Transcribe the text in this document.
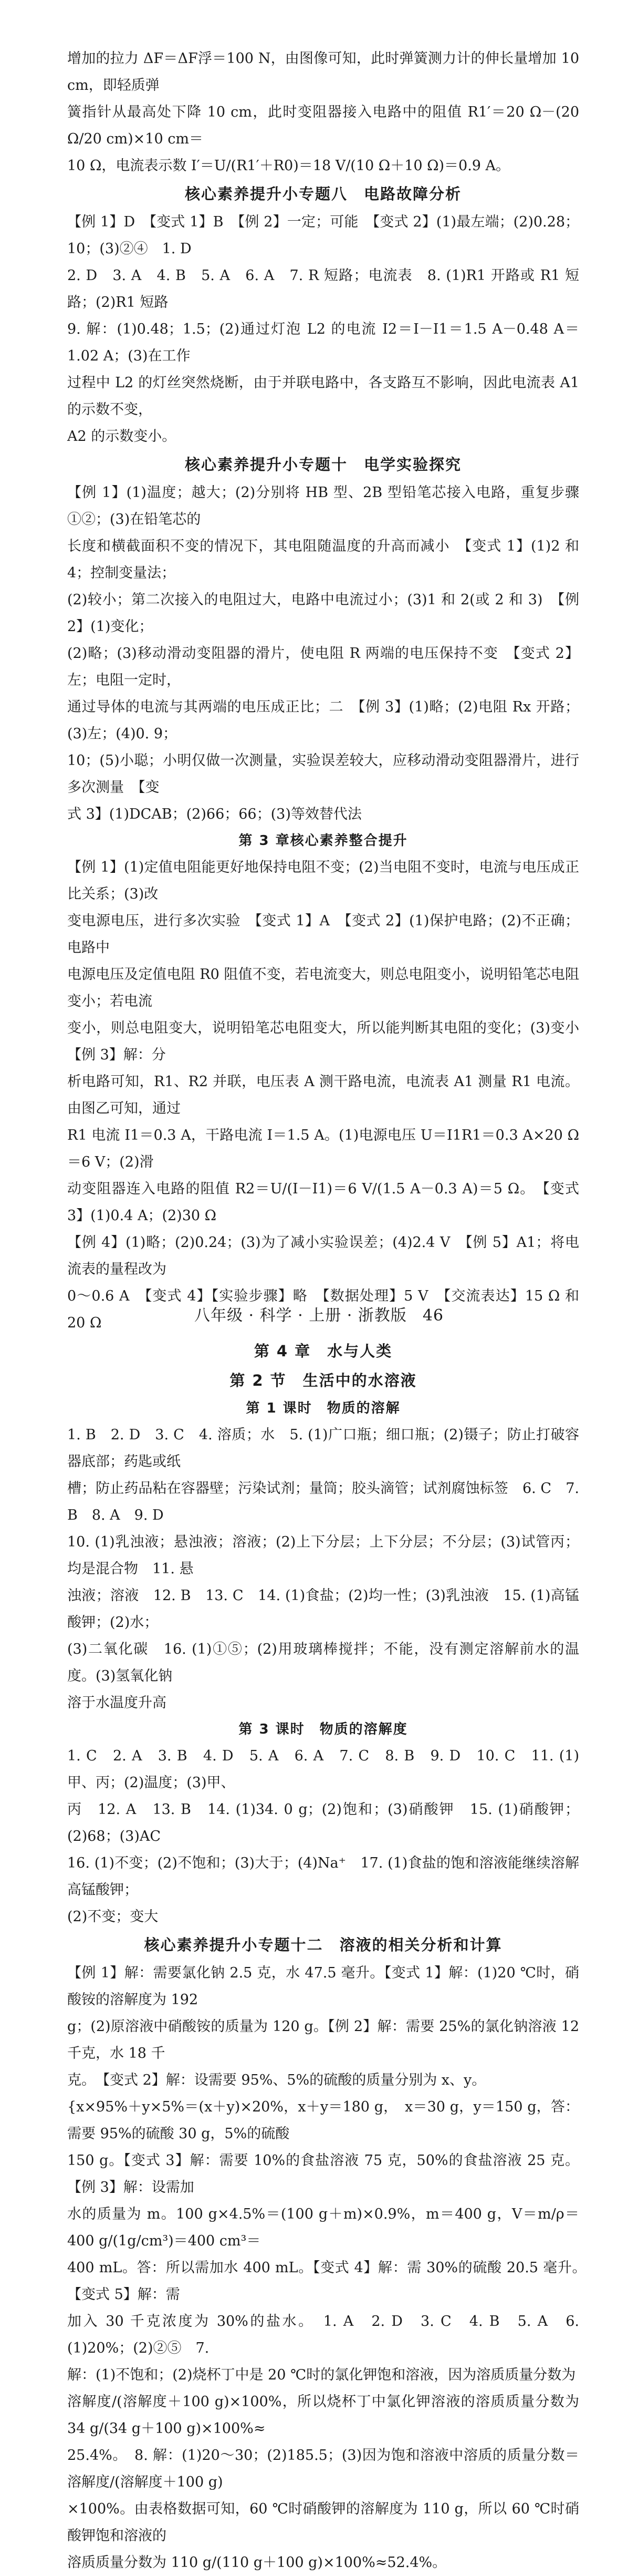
增加的拉力 ΔF＝ΔF浮＝100 N，由图像可知，此时弹簧测力计的伸长量增加 10 cm，即轻质弹

簧指针从最高处下降 10 cm，此时变阻器接入电路中的阻值 R1′＝20 Ω－(20 Ω/20 cm)×10 cm＝

10 Ω，电流表示数 I′＝U/(R1′＋R0)＝18 V/(10 Ω＋10 Ω)＝0.9 A。

核心素养提升小专题八　电路故障分析

【例 1】D　【变式 1】B　【例 2】一定；可能　【变式 2】(1)最左端；(2)0.28；10；(3)②④　1. D

2. D　3. A　4. B　5. A　6. A　7. R 短路；电流表　8. (1)R1 开路或 R1 短路；(2)R1 短路

9. 解：(1)0.48；1.5；(2)通过灯泡 L2 的电流 I2＝I－I1＝1.5 A－0.48 A＝1.02 A；(3)在工作

过程中 L2 的灯丝突然烧断，由于并联电路中，各支路互不影响，因此电流表 A1 的示数不变，

A2 的示数变小。

核心素养提升小专题十　电学实验探究

【例 1】(1)温度；越大；(2)分别将 HB 型、2B 型铅笔芯接入电路，重复步骤①②；(3)在铅笔芯的

长度和横截面积不变的情况下，其电阻随温度的升高而减小　【变式 1】(1)2 和 4；控制变量法；

(2)较小；第二次接入的电阻过大，电路中电流过小；(3)1 和 2(或 2 和 3)　【例 2】(1)变化；

(2)略；(3)移动滑动变阻器的滑片，使电阻 R 两端的电压保持不变　【变式 2】左；电阻一定时，

通过导体的电流与其两端的电压成正比；二　【例 3】(1)略；(2)电阻 Rx 开路；(3)左；(4)0. 9；

10；(5)小聪；小明仅做一次测量，实验误差较大，应移动滑动变阻器滑片，进行多次测量　【变

式 3】(1)DCAB；(2)66；66；(3)等效替代法

第 3 章核心素养整合提升

【例 1】(1)定值电阻能更好地保持电阻不变；(2)当电阻不变时，电流与电压成正比关系；(3)改

变电源电压，进行多次实验　【变式 1】A　【变式 2】(1)保护电路；(2)不正确；电路中

电源电压及定值电阻 R0 阻值不变，若电流变大，则总电阻变小，说明铅笔芯电阻变小；若电流

变小，则总电阻变大，说明铅笔芯电阻变大，所以能判断其电阻的变化；(3)变小　【例 3】解：分

析电路可知，R1、R2 并联，电压表 A 测干路电流，电流表 A1 测量 R1 电流。由图乙可知，通过

R1 电流 I1＝0.3 A，干路电流 I＝1.5 A。(1)电源电压 U＝I1R1＝0.3 A×20 Ω＝6 V；(2)滑

动变阻器连入电路的阻值 R2＝U/(I－I1)＝6 V/(1.5 A－0.3 A)＝5 Ω。　【变式 3】(1)0.4 A；(2)30 Ω

【例 4】(1)略；(2)0.24；(3)为了减小实验误差；(4)2.4 V　【例 5】A1；将电流表的量程改为

0～0.6 A　【变式 4】【实验步骤】略　【数据处理】5 V　【交流表达】15 Ω 和 20 Ω

第 4 章　水与人类

第 2 节　生活中的水溶液

第 1 课时　物质的溶解

1. B　2. D　3. C　4. 溶质；水　5. (1)广口瓶；细口瓶；(2)镊子；防止打破容器底部；药匙或纸

槽；防止药品粘在容器壁；污染试剂；量筒；胶头滴管；试剂腐蚀标签　6. C　7. B　8. A　9. D

10. (1)乳浊液；悬浊液；溶液；(2)上下分层；上下分层；不分层；(3)试管丙；均是混合物　11. 悬

浊液；溶液　12. B　13. C　14. (1)食盐；(2)均一性；(3)乳浊液　15. (1)高锰酸钾；(2)水；

(3)二氧化碳　16. (1)①⑤；(2)用玻璃棒搅拌；不能，没有测定溶解前水的温度。(3)氢氧化钠

溶于水温度升高

第 3 课时　物质的溶解度

1. C　2. A　3. B　4. D　5. A　6. A　7. C　8. B　9. D　10. C　11. (1)甲、丙；(2)温度；(3)甲、

丙　12. A　13. B　14. (1)34. 0 g；(2)饱和；(3)硝酸钾　15. (1)硝酸钾；(2)68；(3)AC

16. (1)不变；(2)不饱和；(3)大于；(4)Na⁺　17. (1)食盐的饱和溶液能继续溶解高锰酸钾；

(2)不变；变大

核心素养提升小专题十二　溶液的相关分析和计算

【例 1】解：需要氯化钠 2.5 克，水 47.5 毫升。【变式 1】解：(1)20 ℃时，硝酸铵的溶解度为 192

g；(2)原溶液中硝酸铵的质量为 120 g。【例 2】解：需要 25%的氯化钠溶液 12 千克，水 18 千

克。　【变式 2】解：设需要 95%、5%的硫酸的质量分别为 x、y。

{x×95%＋y×5%＝(x＋y)×20%，x＋y＝180 g，　x＝30 g，y＝150 g，答：需要 95%的硫酸 30 g，5%的硫酸

150 g。【变式 3】解：需要 10%的食盐溶液 75 克，50%的食盐溶液 25 克。【例 3】解：设需加

水的质量为 m。100 g×4.5%＝(100 g＋m)×0.9%，m＝400 g，V＝m/ρ＝400 g/(1g/cm³)＝400 cm³＝

400 mL。答：所以需加水 400 mL。【变式 4】解：需 30%的硫酸 20.5 毫升。　【变式 5】解：需

加入 30 千克浓度为 30%的盐水。　1. A　2. D　3. C　4. B　5. A　6. (1)20%；(2)②⑤　7.

解：(1)不饱和；(2)烧杯丁中是 20 ℃时的氯化钾饱和溶液，因为溶质质量分数为

溶解度/(溶解度＋100 g)×100%，所以烧杯丁中氯化钾溶液的溶质质量分数为 34 g/(34 g＋100 g)×100%≈

25.4%。　8. 解：(1)20～30；(2)185.5；(3)因为饱和溶液中溶质的质量分数＝溶解度/(溶解度＋100 g)

×100%。由表格数据可知，60 ℃时硝酸钾的溶解度为 110 g，所以 60 ℃时硝酸钾饱和溶液的

溶质质量分数为 110 g/(110 g＋100 g)×100%≈52.4%。

八年级 · 科学 · 上册 · 浙教版 46
